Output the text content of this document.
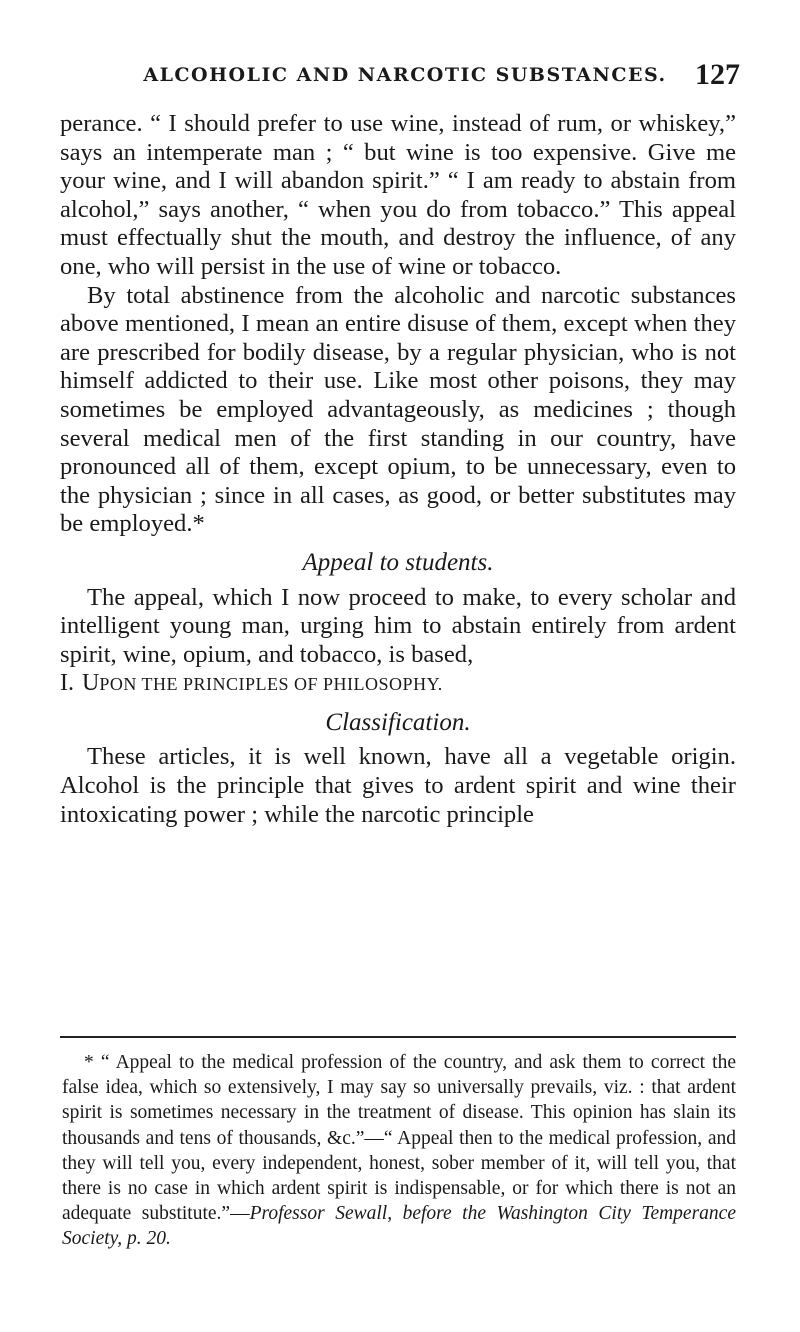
ALCOHOLIC AND NARCOTIC SUBSTANCES. 127

perance. “ I should prefer to use wine, instead of rum, or whiskey,” says an intemperate man ; “ but wine is too expensive. Give me your wine, and I will abandon spirit.” “ I am ready to abstain from alcohol,” says another, “ when you do from tobacco.” This appeal must effectually shut the mouth, and destroy the influence, of any one, who will persist in the use of wine or tobacco.

By total abstinence from the alcoholic and narcotic substances above mentioned, I mean an entire disuse of them, except when they are prescribed for bodily disease, by a regular physician, who is not himself addicted to their use. Like most other poisons, they may sometimes be employed advantageously, as medicines ; though several medical men of the first standing in our country, have pronounced all of them, except opium, to be unnecessary, even to the physician ; since in all cases, as good, or better substitutes may be employed.*

Appeal to students.

The appeal, which I now proceed to make, to every scholar and intelligent young man, urging him to abstain entirely from ardent spirit, wine, opium, and tobacco, is based,

I. UPON THE PRINCIPLES OF PHILOSOPHY.
Classification.

These articles, it is well known, have all a vegetable origin. Alcohol is the principle that gives to ardent spirit and wine their intoxicating power ; while the narcotic principle

* “ Appeal to the medical profession of the country, and ask them to correct the false idea, which so extensively, I may say so universally prevails, viz. : that ardent spirit is sometimes necessary in the treatment of disease. This opinion has slain its thousands and tens of thousands, &c.”—“ Appeal then to the medical profession, and they will tell you, every independent, honest, sober member of it, will tell you, that there is no case in which ardent spirit is indispensable, or for which there is not an adequate substitute.”—Professor Sewall, before the Washington City Temperance Society, p. 20.
